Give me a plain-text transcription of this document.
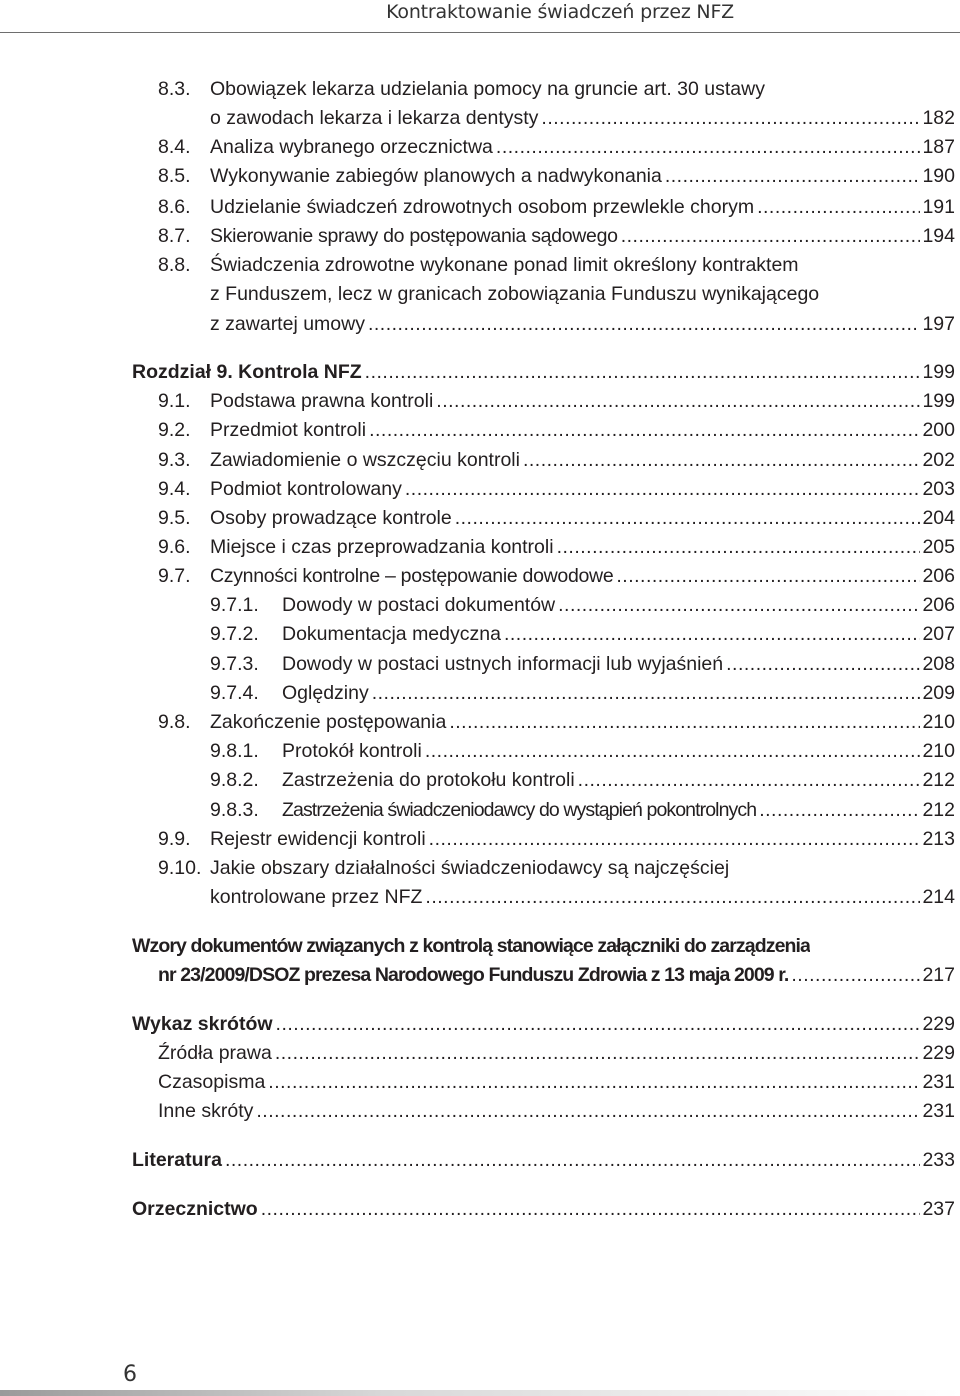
Kontraktowanie świadczeń przez NFZ
8.3. Obowiązek lekarza udzielania pomocy na gruncie art. 30 ustawy
o zawodach lekarza i lekarza dentysty .....	182
8.4. Analiza wybranego orzecznictwa .....	187
8.5. Wykonywanie zabiegów planowych a nadwykonania .....	190
8.6. Udzielanie świadczeń zdrowotnych osobom przewlekle chorym .....	191
8.7. Skierowanie sprawy do postępowania sądowego .....	194
8.8. Świadczenia zdrowotne wykonane ponad limit określony kontraktem
z Funduszem, lecz w granicach zobowiązania Funduszu wynikającego
z zawartej umowy .....	197
Rozdział 9. Kontrola NFZ .....	199
9.1. Podstawa prawna kontroli .....	199
9.2. Przedmiot kontroli .....	200
9.3. Zawiadomienie o wszczęciu kontroli .....	202
9.4. Podmiot kontrolowany .....	203
9.5. Osoby prowadzące kontrole .....	204
9.6. Miejsce i czas przeprowadzania kontroli .....	205
9.7. Czynności kontrolne – postępowanie dowodowe .....	206
9.7.1. Dowody w postaci dokumentów .....	206
9.7.2. Dokumentacja medyczna .....	207
9.7.3. Dowody w postaci ustnych informacji lub wyjaśnień .....	208
9.7.4. Oględziny .....	209
9.8. Zakończenie postępowania .....	210
9.8.1. Protokół kontroli .....	210
9.8.2. Zastrzeżenia do protokołu kontroli .....	212
9.8.3. Zastrzeżenia świadczeniodawcy do wystąpień pokontrolnych .....	212
9.9. Rejestr ewidencji kontroli .....	213
9.10. Jakie obszary działalności świadczeniodawcy są najczęściej
kontrolowane przez NFZ .....	214
Wzory dokumentów związanych z kontrolą stanowiące załączniki do zarządzenia
nr 23/2009/DSOZ prezesa Narodowego Funduszu Zdrowia z 13 maja 2009 r. .....	217
Wykaz skrótów .....	229
Źródła prawa .....	229
Czasopisma .....	231
Inne skróty .....	231
Literatura .....	233
Orzecznictwo .....	237
6
